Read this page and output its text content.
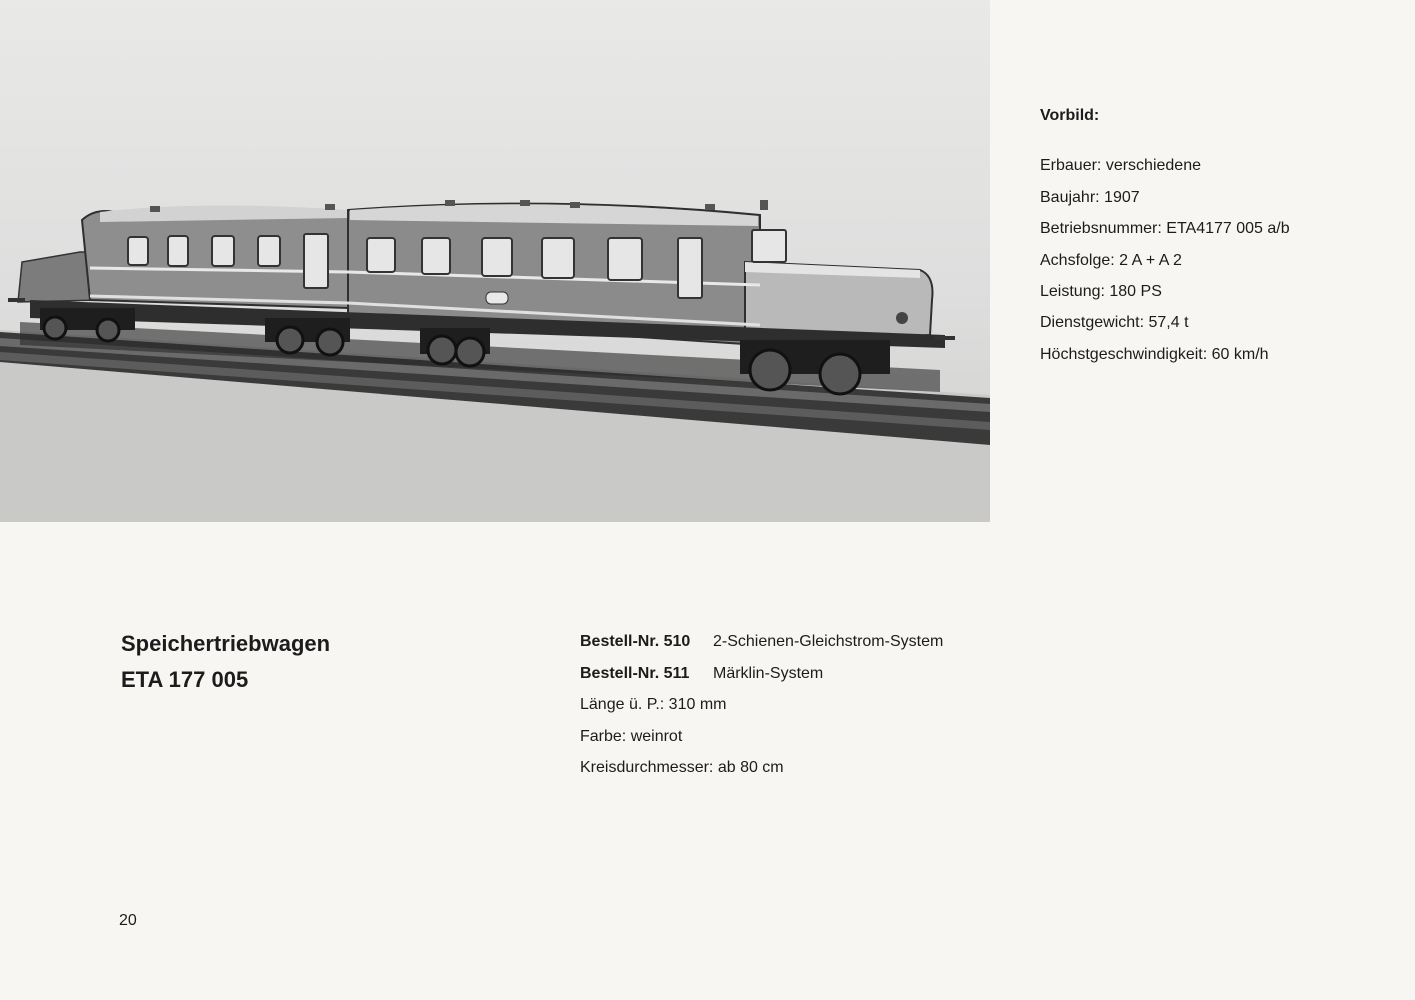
Vorbild:
Erbauer: verschiedene
Baujahr: 1907
Betriebsnummer: ETA4177 005 a/b
Achsfolge: 2 A + A 2
Leistung: 180 PS
Dienstgewicht: 57,4 t
Höchstgeschwindigkeit: 60 km/h
Speichertriebwagen
ETA 177 005
Bestell-Nr. 510 2-Schienen-Gleichstrom-System
Bestell-Nr. 511 Märklin-System
Länge ü. P.: 310 mm
Farbe: weinrot
Kreisdurchmesser: ab 80 cm
20
